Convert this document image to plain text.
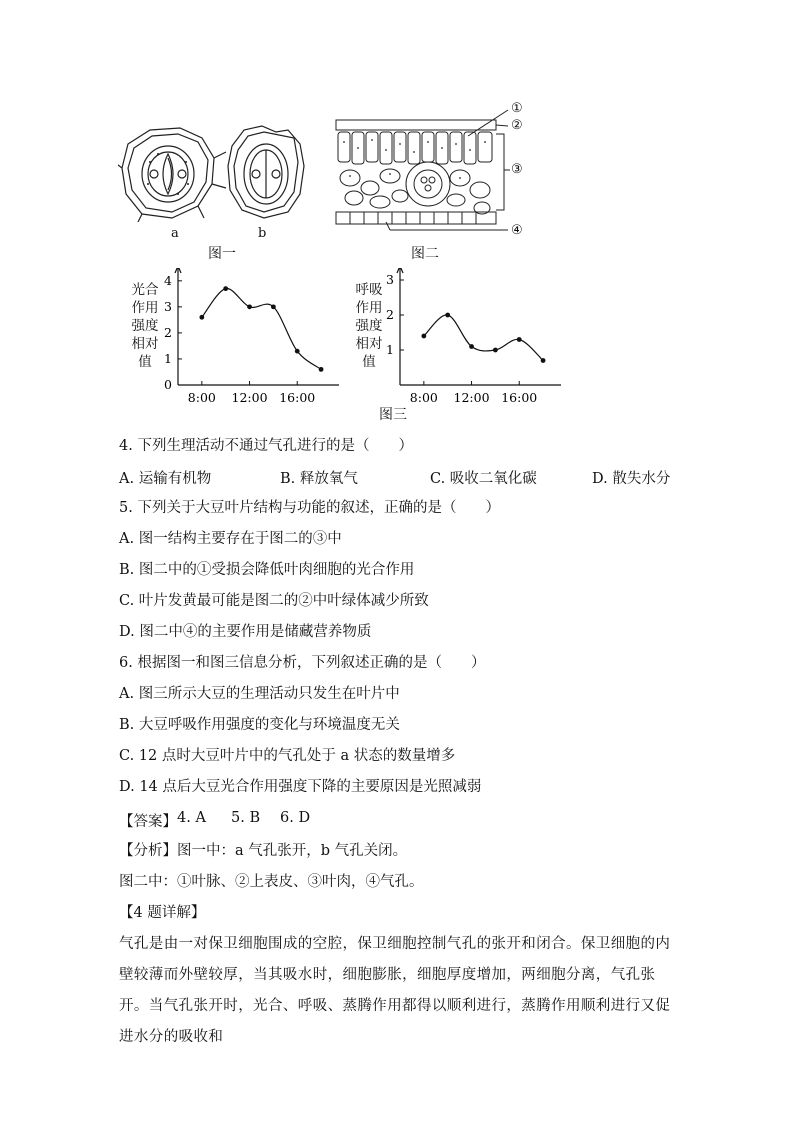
a	b
图一
①
②
③
④
图二
光合
作用
强度
相对
值
0
1
2
3
4
8:00 12:00 16:00
呼吸
作用
强度
相对
值
1
2
3
8:00 12:00 16:00
图三
4. 下列生理活动不通过气孔进行的是（　　）
A. 运输有机物	B. 释放氧气	C. 吸收二氧化碳	D. 散失水分
5. 下列关于大豆叶片结构与功能的叙述，正确的是（　　）
A. 图一结构主要存在于图二的③中
B. 图二中的①受损会降低叶肉细胞的光合作用
C. 叶片发黄最可能是图二的②中叶绿体减少所致
D. 图二中④的主要作用是储藏营养物质
6. 根据图一和图三信息分析，下列叙述正确的是（　　）
A. 图三所示大豆的生理活动只发生在叶片中
B. 大豆呼吸作用强度的变化与环境温度无关
C. 12 点时大豆叶片中的气孔处于 a 状态的数量增多
D. 14 点后大豆光合作用强度下降的主要原因是光照减弱
【答案】 4. A 5. B 6. D
【分析】图一中：a 气孔张开，b 气孔关闭。
图二中：①叶脉、②上表皮、③叶肉，④气孔。
【4 题详解】
气孔是由一对保卫细胞围成的空腔，保卫细胞控制气孔的张开和闭合。保卫细胞的内壁较薄而外壁较厚，当其吸水时，细胞膨胀，细胞厚度增加，两细胞分离，气孔张开。当气孔张开时，光合、呼吸、蒸腾作用都得以顺利进行，蒸腾作用顺利进行又促进水分的吸收和
